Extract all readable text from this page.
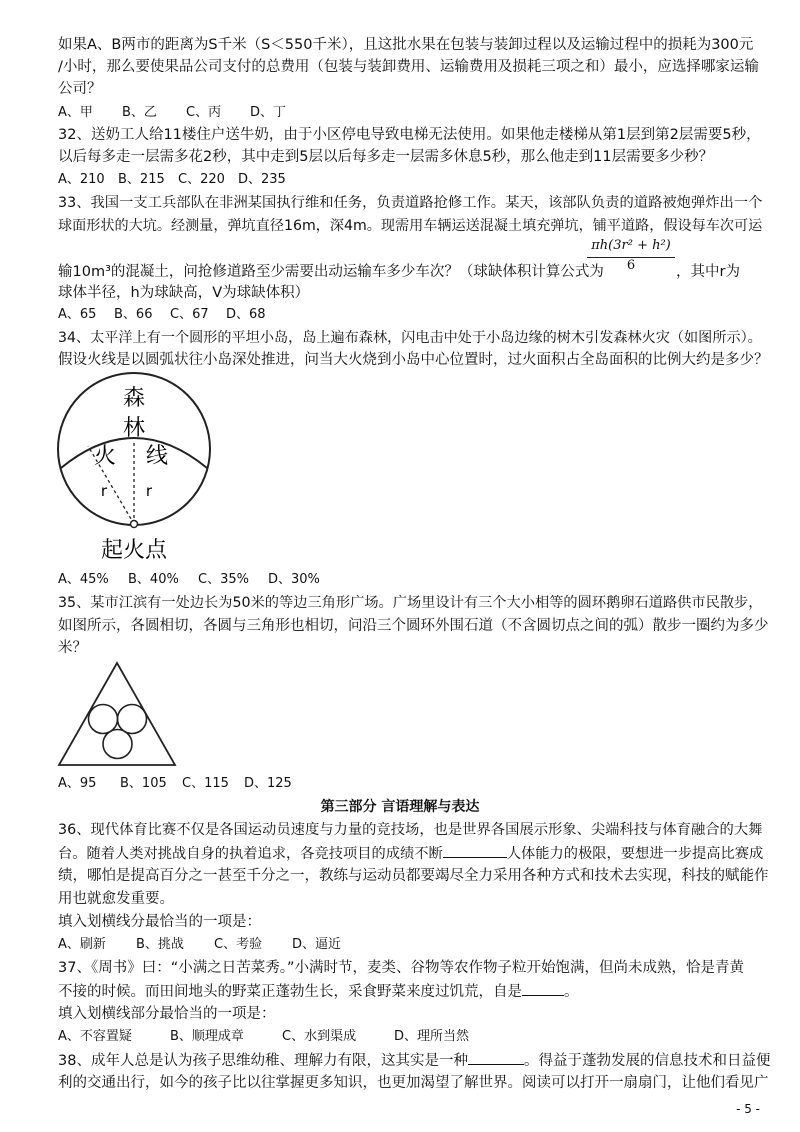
如果A、B两市的距离为S千米（S＜550千米），且这批水果在包装与装卸过程以及运输过程中的损耗为300元
/小时，那么要使果品公司支付的总费用（包装与装卸费用、运输费用及损耗三项之和）最小，应选择哪家运输
公司？
A、甲 B、乙 C、丙 D、丁
32、送奶工人给11楼住户送牛奶，由于小区停电导致电梯无法使用。如果他走楼梯从第1层到第2层需要5秒，
以后每多走一层需多花2秒，其中走到5层以后每多走一层需多休息5秒，那么他走到11层需要多少秒？
A、210 B、215 C、220 D、235
33、我国一支工兵部队在非洲某国执行维和任务，负责道路抢修工作。某天，该部队负责的道路被炮弹炸出一个
球面形状的大坑。经测量，弹坑直径16m，深4m。现需用车辆运送混凝土填充弹坑，铺平道路，假设每车次可运
输10m³的混凝土，问抢修道路至少需要出动运输车多少车次？（球缺体积计算公式为
πh(3r² + h²)
6	，其中r为
球体半径，h为球缺高，V为球缺体积）
A、65 B、66 C、67 D、68
34、太平洋上有一个圆形的平坦小岛，岛上遍布森林，闪电击中处于小岛边缘的树木引发森林火灾（如图所示）。
假设火线是以圆弧状往小岛深处推进，问当大火烧到小岛中心位置时，过火面积占全岛面积的比例大约是多少？
森
林
火 线
r	r
起火点
A、45% B、40% C、35% D、30%
35、某市江滨有一处边长为50米的等边三角形广场。广场里设计有三个大小相等的圆环鹅卵石道路供市民散步，
如图所示，各圆相切，各圆与三角形也相切，问沿三个圆环外围石道（不含圆切点之间的弧）散步一圈约为多少
米？
A、95 B、105 C、115 D、125
第三部分 言语理解与表达
36、现代体育比赛不仅是各国运动员速度与力量的竞技场，也是世界各国展示形象、尖端科技与体育融合的大舞
台。随着人类对挑战自身的执着追求，各竞技项目的成绩不断	人体能力的极限，要想进一步提高比赛成
绩，哪怕是提高百分之一甚至千分之一，教练与运动员都要竭尽全力采用各种方式和技术去实现，科技的赋能作
用也就愈发重要。
填入划横线分最恰当的一项是：
A、刷新 B、挑战 C、考验 D、逼近
37、《周书》曰：“小满之日苦菜秀。”小满时节，麦类、谷物等农作物子粒开始饱满，但尚未成熟，恰是青黄
不接的时候。而田间地头的野菜正蓬勃生长，采食野菜来度过饥荒，自是	。
填入划横线部分最恰当的一项是：
A、不容置疑	B、顺理成章	C、水到渠成	D、理所当然
38、成年人总是认为孩子思维幼稚、理解力有限，这其实是一种	。得益于蓬勃发展的信息技术和日益便
利的交通出行，如今的孩子比以往掌握更多知识，也更加渴望了解世界。阅读可以打开一扇扇门，让他们看见广
- 5 -
